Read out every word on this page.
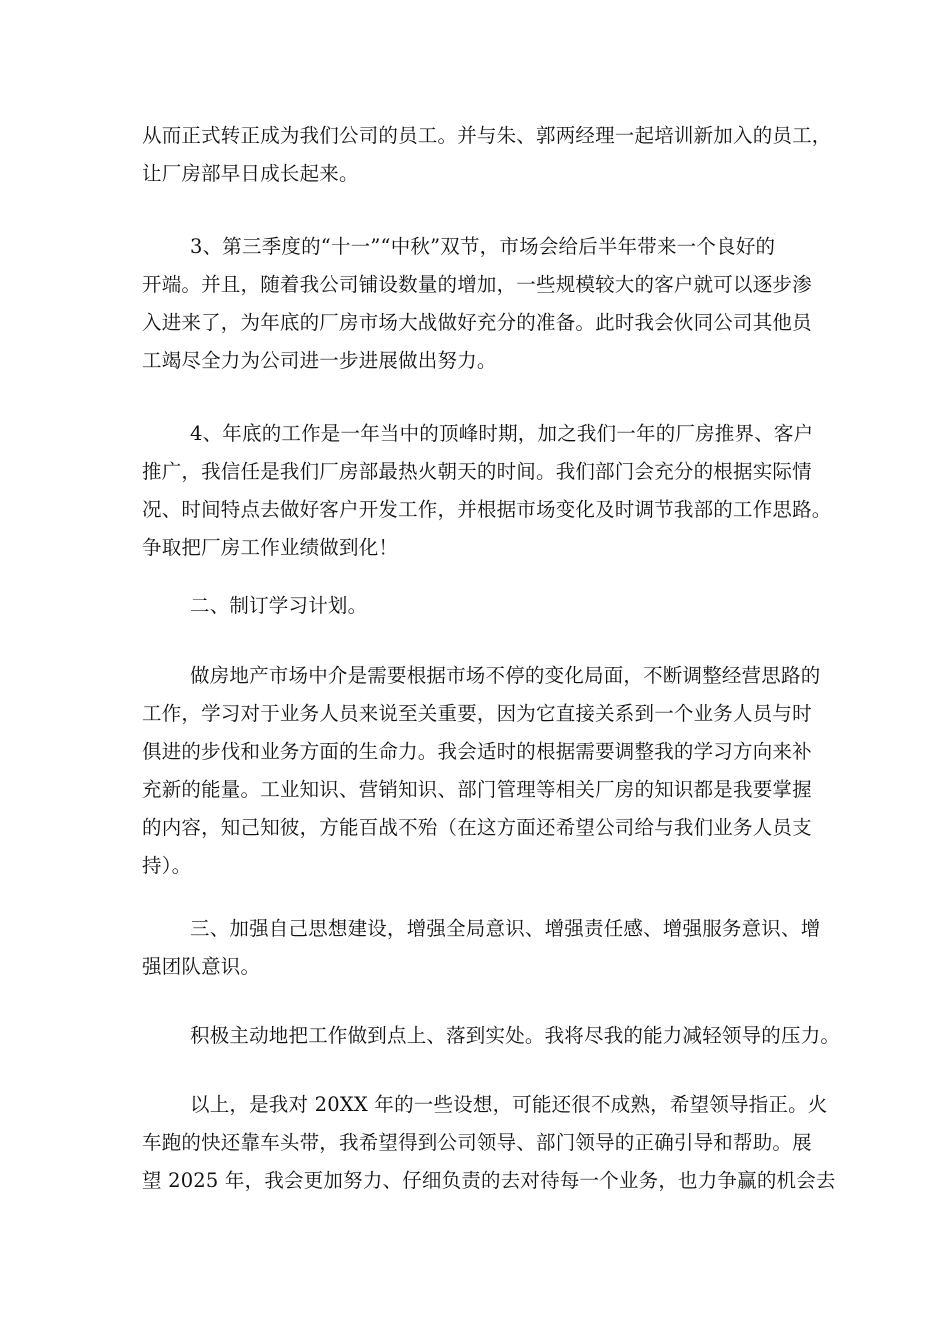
从而正式转正成为我们公司的员工。并与朱、郭两经理一起培训新加入的员工，
让厂房部早日成长起来。
3、第三季度的“十一”“中秋”双节，市场会给后半年带来一个良好的
开端。并且，随着我公司铺设数量的增加，一些规模较大的客户就可以逐步渗
入进来了，为年底的厂房市场大战做好充分的准备。此时我会伙同公司其他员
工竭尽全力为公司进一步进展做出努力。
4、年底的工作是一年当中的顶峰时期，加之我们一年的厂房推界、客户
推广，我信任是我们厂房部最热火朝天的时间。我们部门会充分的根据实际情
况、时间特点去做好客户开发工作，并根据市场变化及时调节我部的工作思路。
争取把厂房工作业绩做到化！
二、制订学习计划。
做房地产市场中介是需要根据市场不停的变化局面，不断调整经营思路的
工作，学习对于业务人员来说至关重要，因为它直接关系到一个业务人员与时
俱进的步伐和业务方面的生命力。我会适时的根据需要调整我的学习方向来补
充新的能量。工业知识、营销知识、部门管理等相关厂房的知识都是我要掌握
的内容，知己知彼，方能百战不殆（在这方面还希望公司给与我们业务人员支
持）。
三、加强自己思想建设，增强全局意识、增强责任感、增强服务意识、增
强团队意识。
积极主动地把工作做到点上、落到实处。我将尽我的能力减轻领导的压力。
以上，是我对 20XX 年的一些设想，可能还很不成熟，希望领导指正。火
车跑的快还靠车头带，我希望得到公司领导、部门领导的正确引导和帮助。展
望 2025 年，我会更加努力、仔细负责的去对待每一个业务，也力争赢的机会去
